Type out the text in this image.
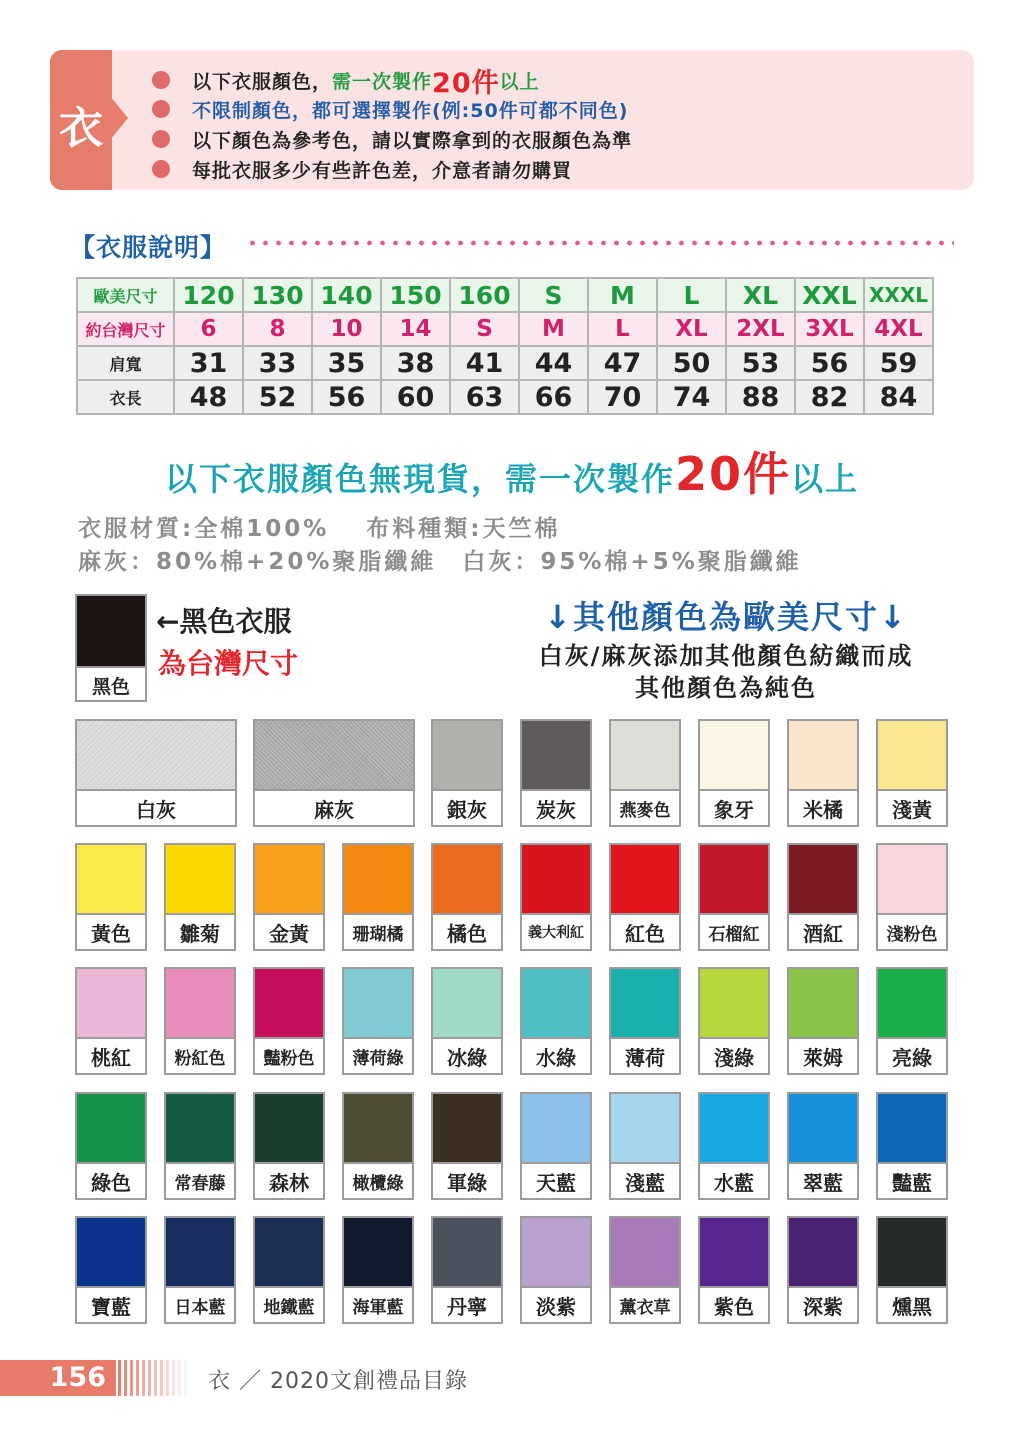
衣
以下衣服顏色， 需一次製作 20件 以上
不限制顏色，都可選擇製作(例:50件可都不同色)
以下顏色為參考色，請以實際拿到的衣服顏色為準
每批衣服多少有些許色差，介意者請勿購買
【衣服說明】
歐美尺寸	120	130	140	150	160	S	M	L	XL	XXL	XXXL
約台灣尺寸	6	8	10	14	S	M	L	XL	2XL	3XL	4XL
肩寬	31	33	35	38	41	44	47	50	53	56	59
衣長	48	52	56	60	63	66	70	74	88	82	84
以下衣服顏色無現貨，需一次製作20件以上
衣服材質:全棉100%　 布料種類:天竺棉
麻灰：80%棉+20%聚脂纖維　白灰：95%棉+5%聚脂纖維
黑色
←黑色衣服
為台灣尺寸
↓其他顏色為歐美尺寸↓
白灰/麻灰添加其他顏色紡織而成
其他顏色為純色
白灰	麻灰	銀灰	炭灰	燕麥色	象牙	米橘	淺黃
黃色	雛菊	金黃	珊瑚橘	橘色	義大利紅	紅色	石榴紅	酒紅	淺粉色
桃紅	粉紅色	豔粉色	薄荷綠	冰綠	水綠	薄荷	淺綠	萊姆	亮綠
綠色	常春藤	森林	橄欖綠	軍綠	天藍	淺藍	水藍	翠藍	豔藍
寶藍	日本藍	地鐵藍	海軍藍	丹寧	淡紫	薰衣草	紫色	深紫	燻黑
156	衣 ／ 2020文創禮品目錄
